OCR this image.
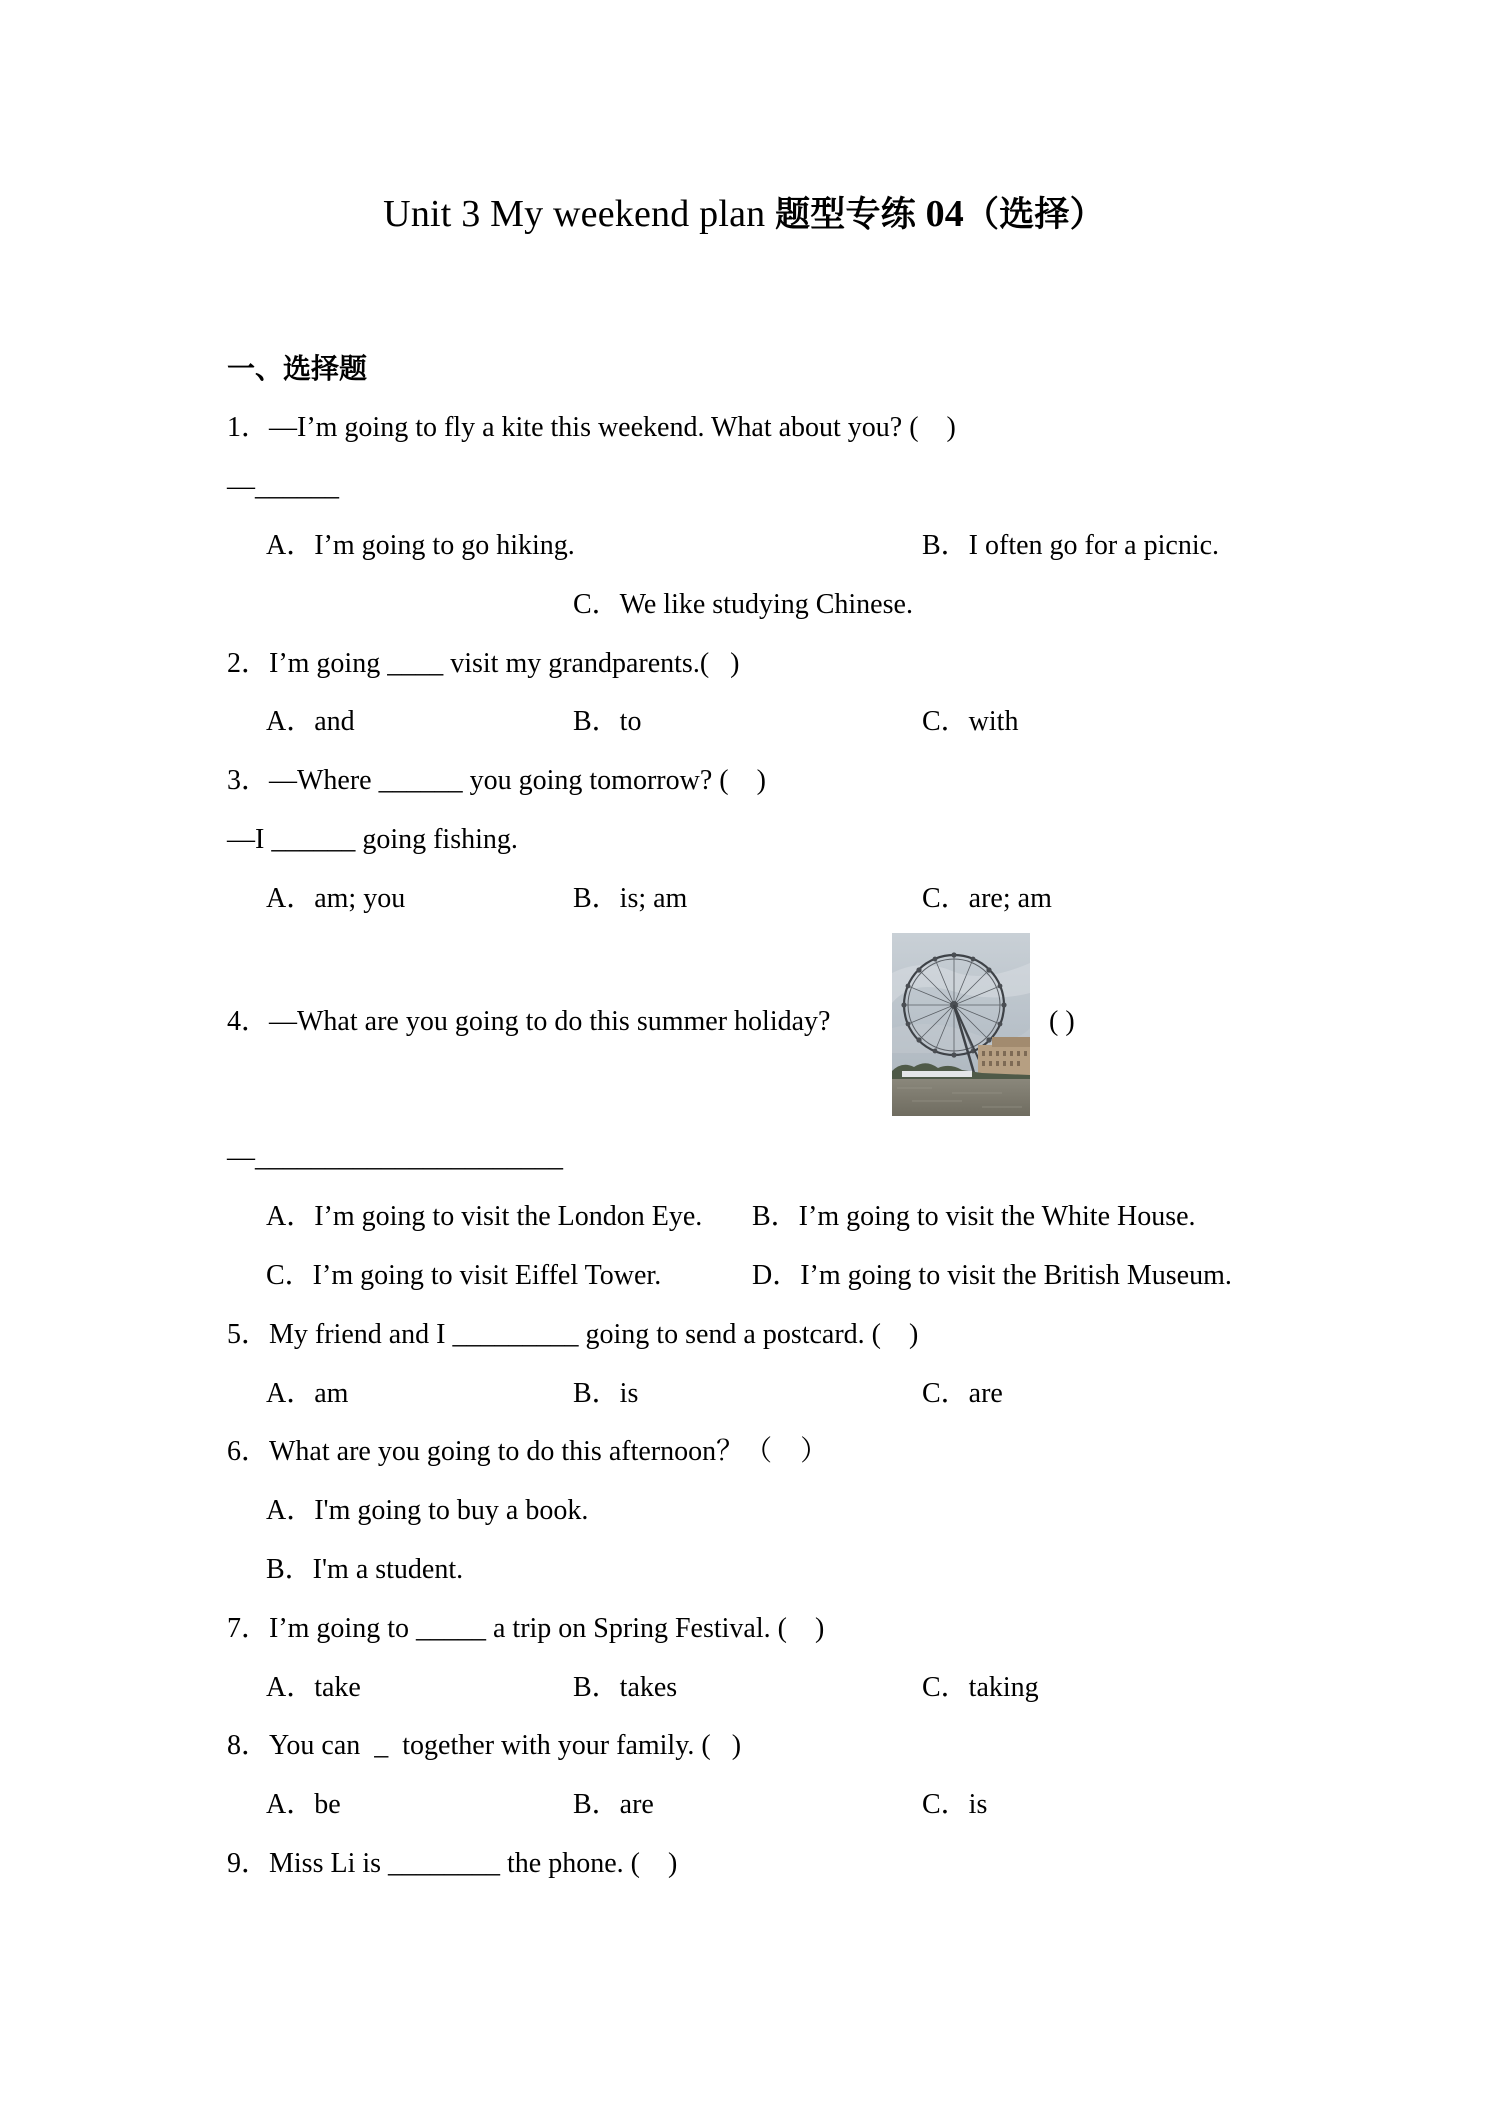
Unit 3 My weekend plan 题型专练 04（选择）
一、选择题
1．—I’m going to fly a kite this weekend. What about you? (    )
—______
A．I’m going to go hiking.	B．I often go for a picnic.
C．We like studying Chinese.
2．I’m going ____ visit my grandparents.(   )
A．and	B．to	C．with
3．—Where ______ you going tomorrow? (    )
—I ______ going fishing.
A．am; you	B．is; am	C．are; am
4．—What are you going to do this summer holiday?	( )
—______________________
A．I’m going to visit the London Eye. B．I’m going to visit the White House.
C．I’m going to visit Eiffel Tower.	D．I’m going to visit the British Museum.
5．My friend and I _________ going to send a postcard. (    )
A．am	B．is	C．are
6．What are you going to do this afternoon？（    ）
A．I'm going to buy a book.
B．I'm a student.
7．I’m going to _____ a trip on Spring Festival. (    )
A．take	B．takes	C．taking
8．You can  _  together with your family. (   )
A．be	B．are	C．is
9．Miss Li is ________ the phone. (    )
